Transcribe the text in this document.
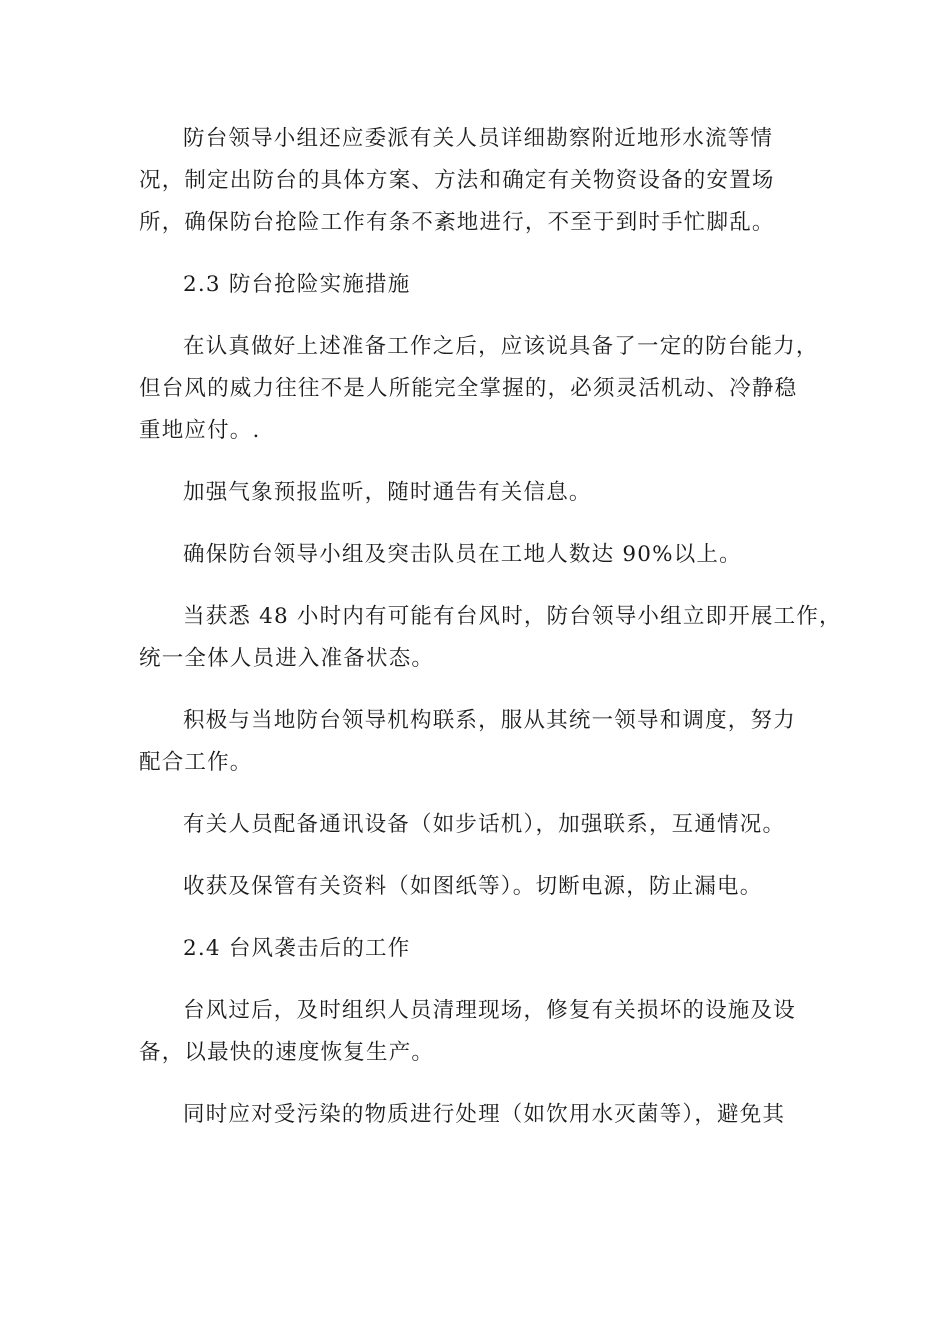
防台领导小组还应委派有关人员详细勘察附近地形水流等情
况，制定出防台的具体方案、方法和确定有关物资设备的安置场
所，确保防台抢险工作有条不紊地进行，不至于到时手忙脚乱。
2.3 防台抢险实施措施
在认真做好上述准备工作之后，应该说具备了一定的防台能力，
但台风的威力往往不是人所能完全掌握的，必须灵活机动、冷静稳
重地应付。.
加强气象预报监听，随时通告有关信息。
确保防台领导小组及突击队员在工地人数达 90%以上。
当获悉 48 小时内有可能有台风时，防台领导小组立即开展工作，
统一全体人员进入准备状态。
积极与当地防台领导机构联系，服从其统一领导和调度，努力
配合工作。
有关人员配备通讯设备（如步话机），加强联系，互通情况。
收获及保管有关资料（如图纸等）。切断电源，防止漏电。
2.4 台风袭击后的工作
台风过后，及时组织人员清理现场，修复有关损坏的设施及设
备，以最快的速度恢复生产。
同时应对受污染的物质进行处理（如饮用水灭菌等），避免其
